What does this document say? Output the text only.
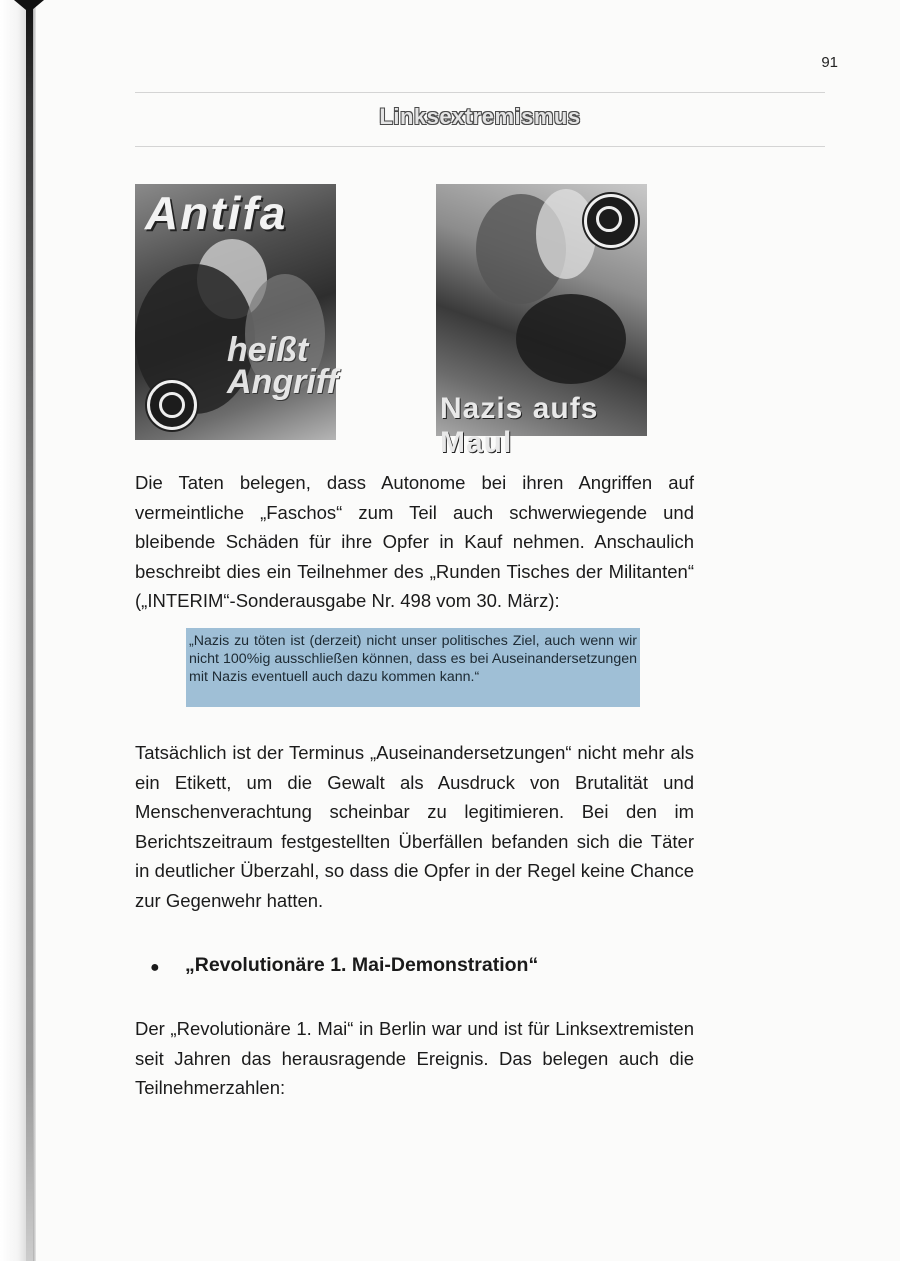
91
Linksextremismus
Antifa
heißt
Angriff
Nazis aufs Maul
Die Taten belegen, dass Autonome bei ihren Angriffen auf vermeintliche „Faschos“ zum Teil auch schwerwiegende und bleibende Schäden für ihre Opfer in Kauf nehmen. Anschaulich beschreibt dies ein Teilnehmer des „Runden Tisches der Militanten“ („INTERIM“-Sonderausgabe Nr. 498 vom 30. März):
„Nazis zu töten ist (derzeit) nicht unser politisches Ziel, auch wenn wir nicht 100%ig ausschließen können, dass es bei Auseinandersetzungen mit Nazis eventuell auch dazu kommen kann.“
Tatsächlich ist der Terminus „Auseinandersetzungen“ nicht mehr als ein Etikett, um die Gewalt als Ausdruck von Brutalität und Menschenverachtung scheinbar zu legitimieren. Bei den im Berichtszeitraum festgestellten Überfällen befanden sich die Täter in deutlicher Überzahl, so dass die Opfer in der Regel keine Chance zur Gegenwehr hatten.
● „Revolutionäre 1. Mai-Demonstration“
Der „Revolutionäre 1. Mai“ in Berlin war und ist für Linksextremisten seit Jahren das herausragende Ereignis. Das belegen auch die Teilnehmerzahlen:
